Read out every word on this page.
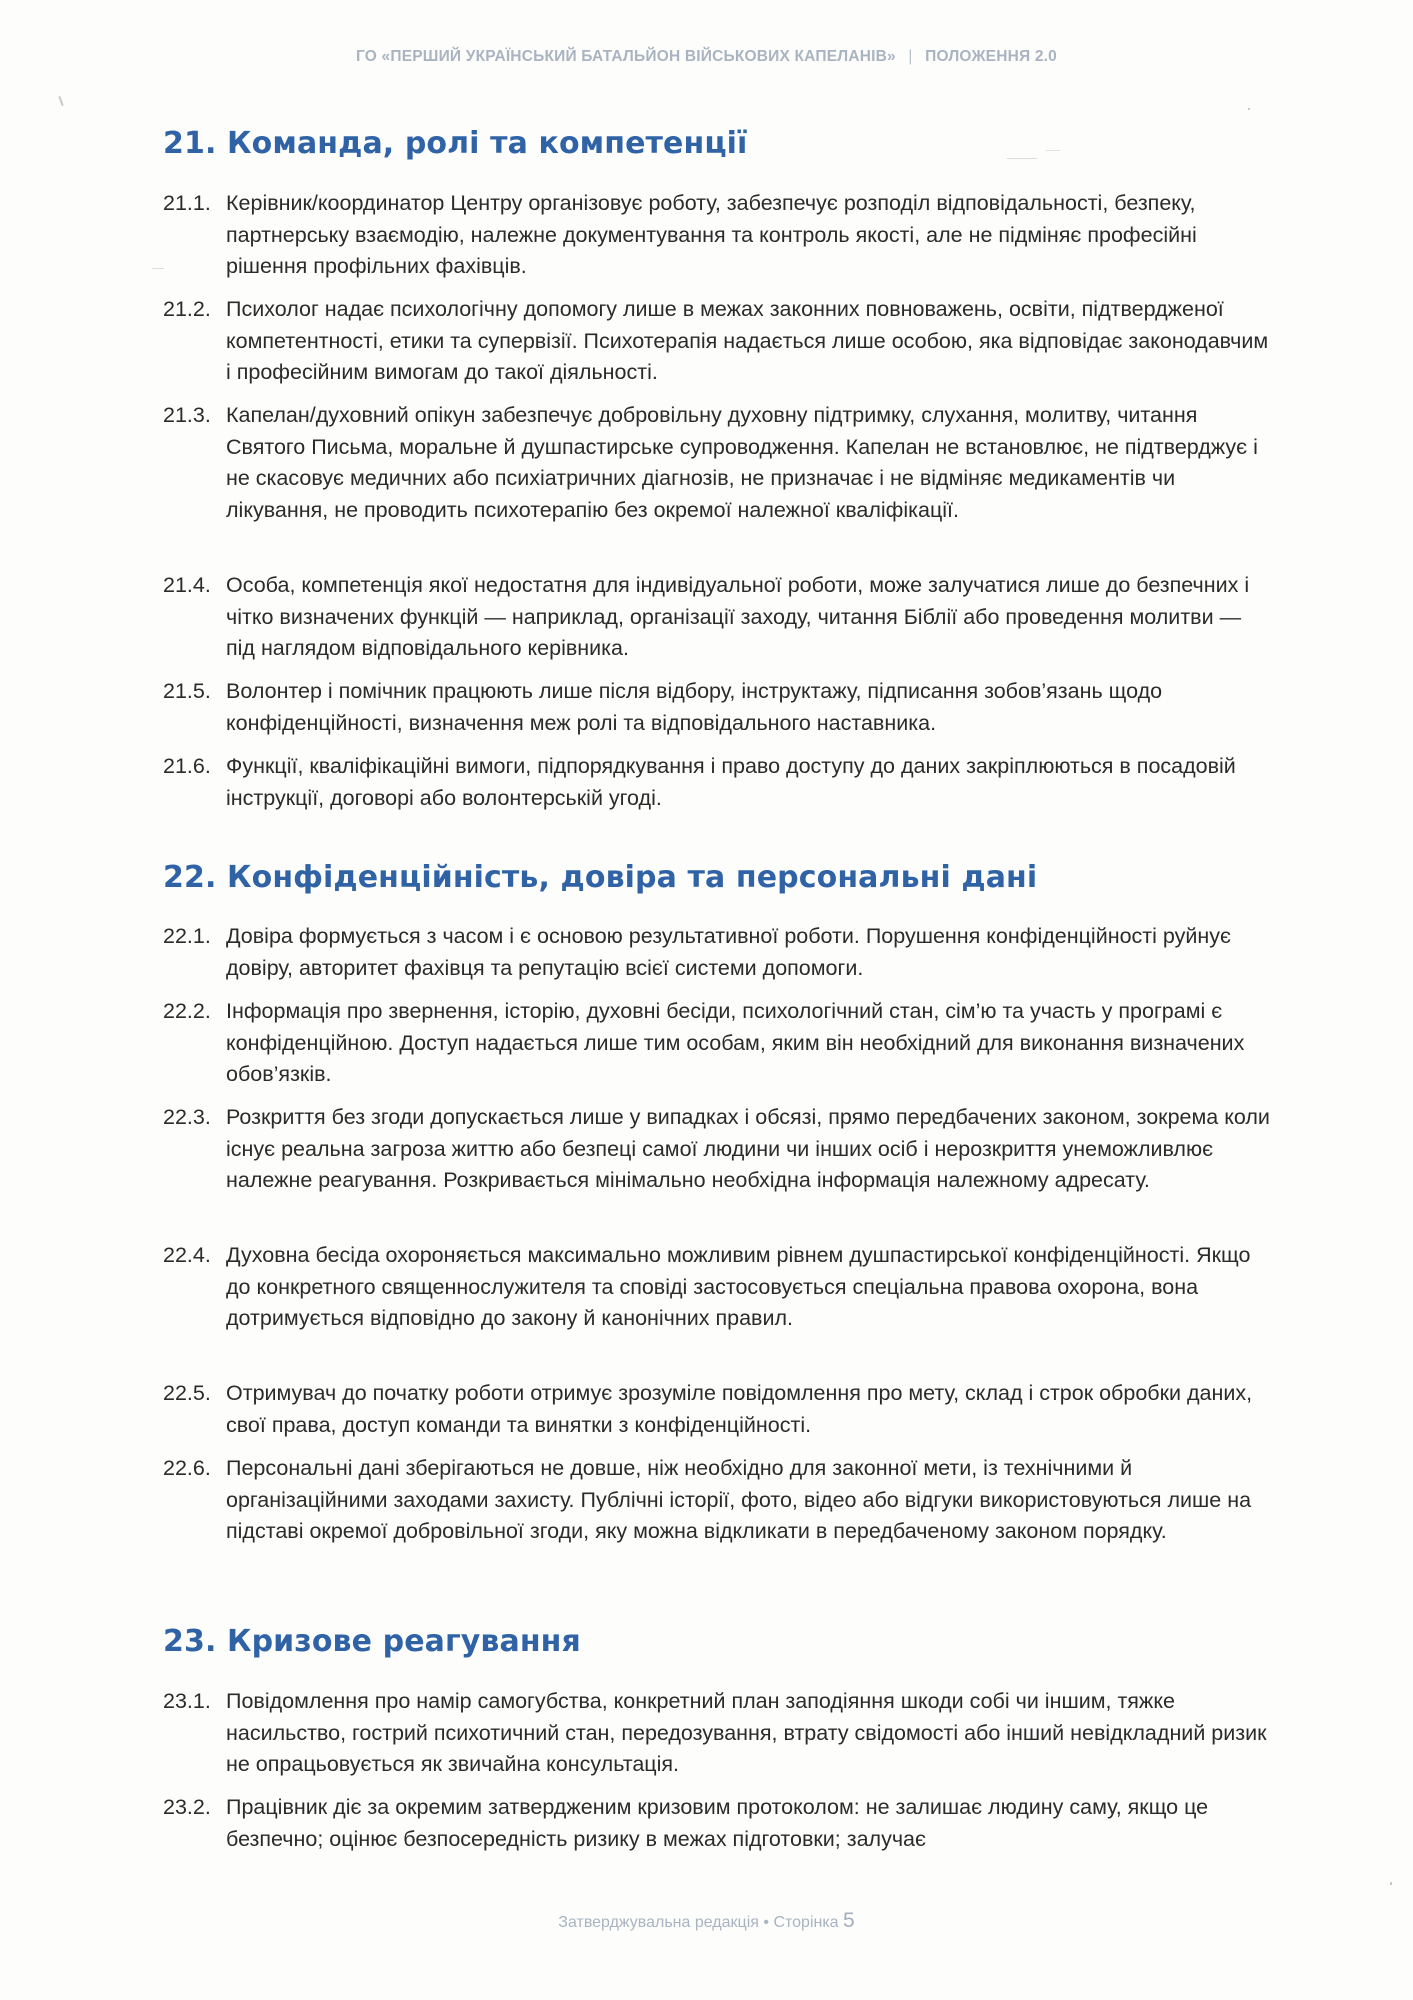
ГО «ПЕРШИЙ УКРАЇНСЬКИЙ БАТАЛЬЙОН ВІЙСЬКОВИХ КАПЕЛАНІВ» | ПОЛОЖЕННЯ 2.0
21. Команда, ролі та компетенції
21.1. Керівник/координатор Центру організовує роботу, забезпечує розподіл відповідальності, безпеку, партнерську взаємодію, належне документування та контроль якості, але не підміняє професійні рішення профільних фахівців.
21.2. Психолог надає психологічну допомогу лише в межах законних повноважень, освіти, підтвердженої компетентності, етики та супервізії. Психотерапія надається лише особою, яка відповідає законодавчим і професійним вимогам до такої діяльності.
21.3. Капелан/духовний опікун забезпечує добровільну духовну підтримку, слухання, молитву, читання Святого Письма, моральне й душпастирське супроводження. Капелан не встановлює, не підтверджує і не скасовує медичних або психіатричних діагнозів, не призначає і не відміняє медикаментів чи лікування, не проводить психотерапію без окремої належної кваліфікації.
21.4. Особа, компетенція якої недостатня для індивідуальної роботи, може залучатися лише до безпечних і чітко визначених функцій — наприклад, організації заходу, читання Біблії або проведення молитви — під наглядом відповідального керівника.
21.5. Волонтер і помічник працюють лише після відбору, інструктажу, підписання зобов’язань щодо конфіденційності, визначення меж ролі та відповідального наставника.
21.6. Функції, кваліфікаційні вимоги, підпорядкування і право доступу до даних закріплюються в посадовій інструкції, договорі або волонтерській угоді.
22. Конфіденційність, довіра та персональні дані
22.1. Довіра формується з часом і є основою результативної роботи. Порушення конфіденційності руйнує довіру, авторитет фахівця та репутацію всієї системи допомоги.
22.2. Інформація про звернення, історію, духовні бесіди, психологічний стан, сім’ю та участь у програмі є конфіденційною. Доступ надається лише тим особам, яким він необхідний для виконання визначених обов’язків.
22.3. Розкриття без згоди допускається лише у випадках і обсязі, прямо передбачених законом, зокрема коли існує реальна загроза життю або безпеці самої людини чи інших осіб і нерозкриття унеможливлює належне реагування. Розкривається мінімально необхідна інформація належному адресату.
22.4. Духовна бесіда охороняється максимально можливим рівнем душпастирської конфіденційності. Якщо до конкретного священнослужителя та сповіді застосовується спеціальна правова охорона, вона дотримується відповідно до закону й канонічних правил.
22.5. Отримувач до початку роботи отримує зрозуміле повідомлення про мету, склад і строк обробки даних, свої права, доступ команди та винятки з конфіденційності.
22.6. Персональні дані зберігаються не довше, ніж необхідно для законної мети, із технічними й організаційними заходами захисту. Публічні історії, фото, відео або відгуки використовуються лише на підставі окремої добровільної згоди, яку можна відкликати в передбаченому законом порядку.
23. Кризове реагування
23.1. Повідомлення про намір самогубства, конкретний план заподіяння шкоди собі чи іншим, тяжке насильство, гострий психотичний стан, передозування, втрату свідомості або інший невідкладний ризик не опрацьовується як звичайна консультація.
23.2. Працівник діє за окремим затвердженим кризовим протоколом: не залишає людину саму, якщо це безпечно; оцінює безпосередність ризику в межах підготовки; залучає
Затверджувальна редакція • Сторінка 5
